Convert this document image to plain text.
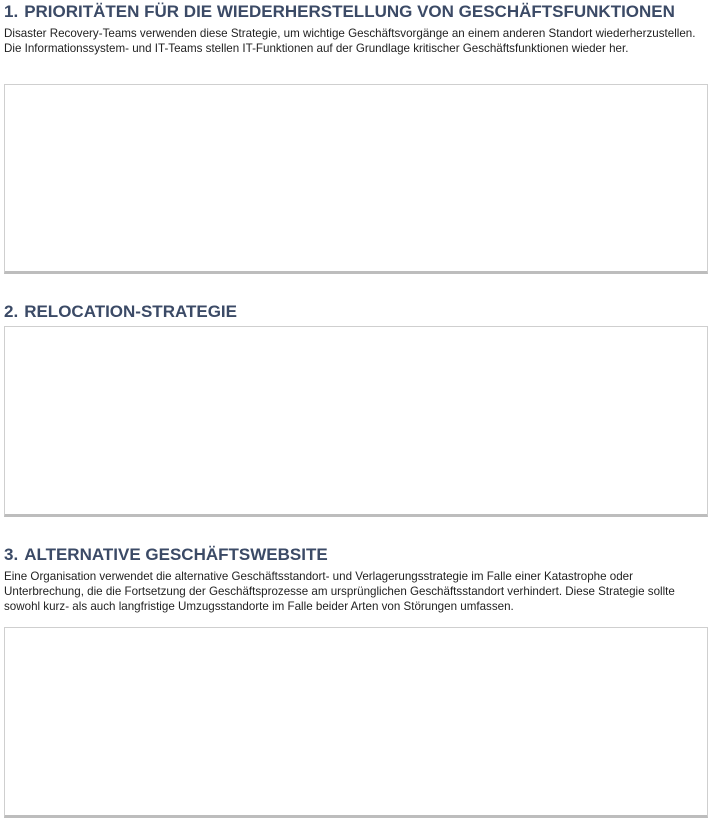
1. PRIORITÄTEN FÜR DIE WIEDERHERSTELLUNG VON GESCHÄFTSFUNKTIONEN
Disaster Recovery-Teams verwenden diese Strategie, um wichtige Geschäftsvorgänge an einem anderen Standort wiederherzustellen. Die Informationssystem- und IT-Teams stellen IT-Funktionen auf der Grundlage kritischer Geschäftsfunktionen wieder her.
2. RELOCATION-STRATEGIE
3. ALTERNATIVE GESCHÄFTSWEBSITE
Eine Organisation verwendet die alternative Geschäftsstandort- und Verlagerungsstrategie im Falle einer Katastrophe oder Unterbrechung, die die Fortsetzung der Geschäftsprozesse am ursprünglichen Geschäftsstandort verhindert. Diese Strategie sollte sowohl kurz- als auch langfristige Umzugsstandorte im Falle beider Arten von Störungen umfassen.
